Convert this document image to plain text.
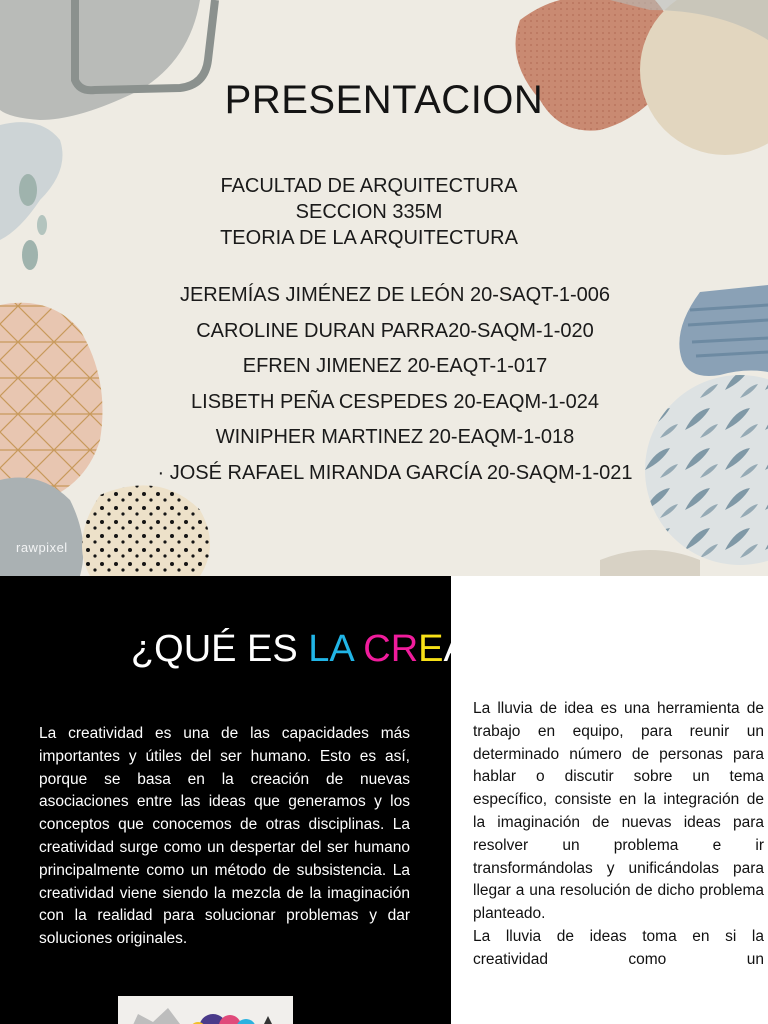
PRESENTACION
FACULTAD DE ARQUITECTURA
SECCION 335M
TEORIA DE LA ARQUITECTURA
JEREMÍAS JIMÉNEZ DE LEÓN 20-SAQT-1-006
CAROLINE DURAN PARRA20-SAQM-1-020
EFREN JIMENEZ 20-EAQT-1-017
LISBETH PEÑA CESPEDES 20-EAQM-1-024
WINIPHER MARTINEZ 20-EAQM-1-018
· JOSÉ RAFAEL MIRANDA GARCÍA 20-SAQM-1-021
rawpixel
¿QUÉ ES LA CREATIVIDAD?

La creatividad es una de las capacidades más importantes y útiles del ser humano. Esto es así, porque se basa en la creación de nuevas asociaciones entre las ideas que generamos y los conceptos que conocemos de otras disciplinas. La creatividad surge como un despertar del ser humano principalmente como un método de subsistencia. La creatividad viene siendo la mezcla de la imaginación con la realidad para solucionar problemas y dar soluciones originales.

La lluvia de idea es una herramienta de trabajo en equipo, para reunir un determinado número de personas para hablar o discutir sobre un tema específico, consiste en la integración de la imaginación de nuevas ideas para resolver un problema e ir transformándolas y unificándolas para llegar a una resolución de dicho problema planteado.

La lluvia de ideas toma en si la creatividad como un
